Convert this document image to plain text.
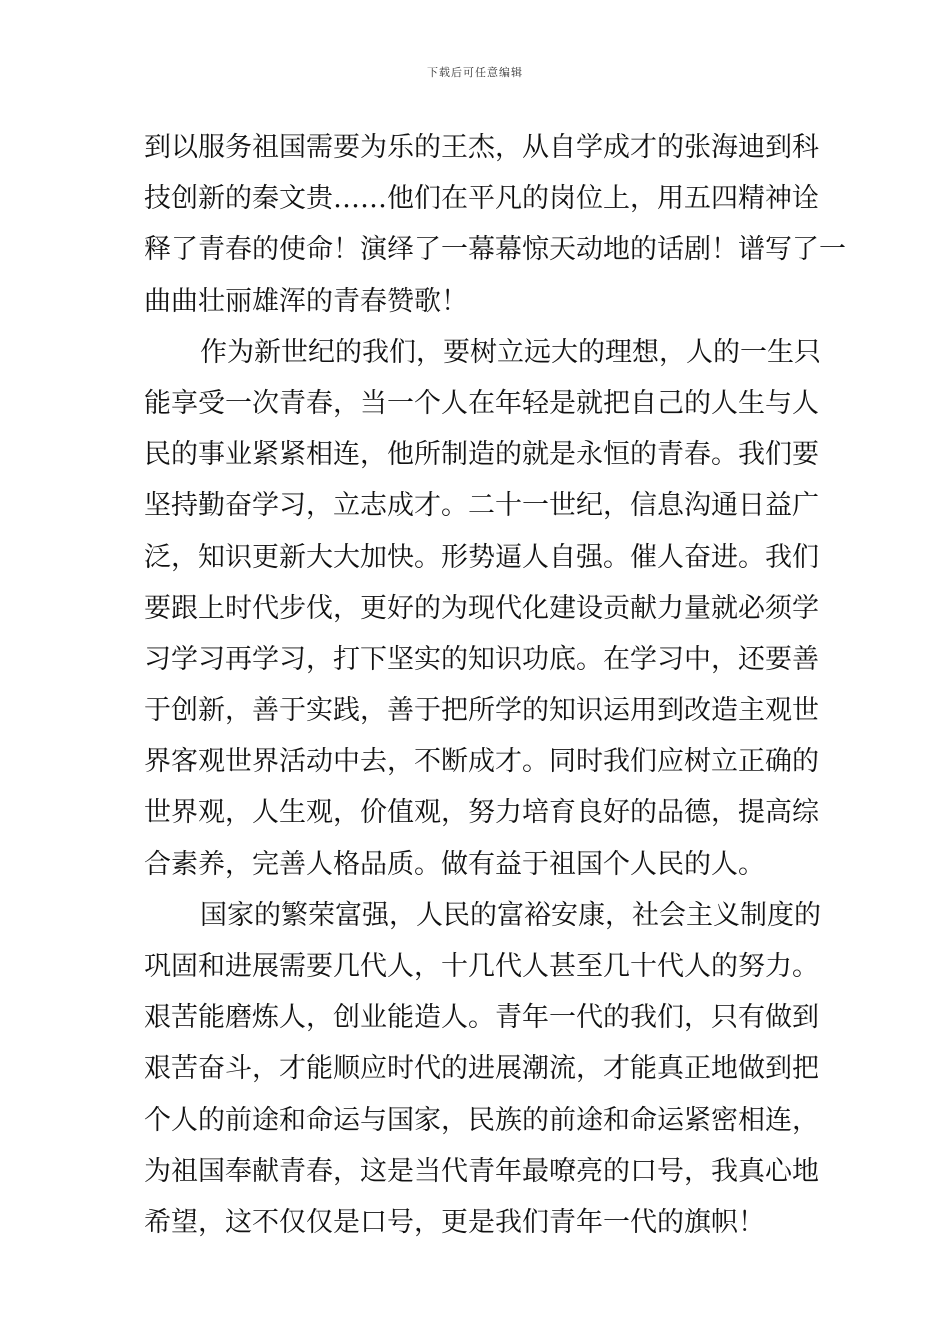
下载后可任意编辑
到以服务祖国需要为乐的王杰，从自学成才的张海迪到科
技创新的秦文贵……他们在平凡的岗位上，用五四精神诠
释了青春的使命！演绎了一幕幕惊天动地的话剧！谱写了一
曲曲壮丽雄浑的青春赞歌！
作为新世纪的我们，要树立远大的理想，人的一生只
能享受一次青春，当一个人在年轻是就把自己的人生与人
民的事业紧紧相连，他所制造的就是永恒的青春。我们要
坚持勤奋学习，立志成才。二十一世纪，信息沟通日益广
泛，知识更新大大加快。形势逼人自强。催人奋进。我们
要跟上时代步伐，更好的为现代化建设贡献力量就必须学
习学习再学习，打下坚实的知识功底。在学习中，还要善
于创新，善于实践，善于把所学的知识运用到改造主观世
界客观世界活动中去，不断成才。同时我们应树立正确的
世界观，人生观，价值观，努力培育良好的品德，提高综
合素养，完善人格品质。做有益于祖国个人民的人。
国家的繁荣富强，人民的富裕安康，社会主义制度的
巩固和进展需要几代人，十几代人甚至几十代人的努力。
艰苦能磨炼人，创业能造人。青年一代的我们，只有做到
艰苦奋斗，才能顺应时代的进展潮流，才能真正地做到把
个人的前途和命运与国家，民族的前途和命运紧密相连，
为祖国奉献青春，这是当代青年最嘹亮的口号，我真心地
希望，这不仅仅是口号，更是我们青年一代的旗帜！
